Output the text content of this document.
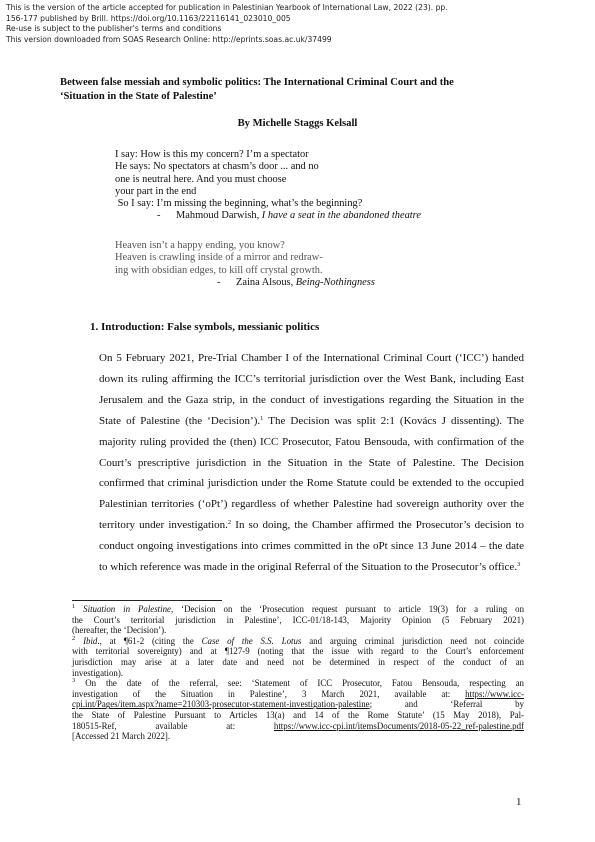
This is the version of the article accepted for publication in Palestinian Yearbook of International Law, 2022 (23). pp.
156-177 published by Brill. https://doi.org/10.1163/22116141_023010_005
Re-use is subject to the publisher's terms and conditions
This version downloaded from SOAS Research Online: http://eprints.soas.ac.uk/37499
Between false messiah and symbolic politics: The International Criminal Court and the
‘Situation in the State of Palestine’
By Michelle Staggs Kelsall
I say: How is this my concern? I’m a spectator
He says: No spectators at chasm’s door ... and no
one is neutral here. And you must choose
your part in the end
So I say: I’m missing the beginning, what’s the beginning?
-      Mahmoud Darwish, I have a seat in the abandoned theatre
Heaven isn’t a happy ending, you know?
Heaven is crawling inside of a mirror and redraw-
ing with obsidian edges, to kill off crystal growth.
-      Zaina Alsous, Being-Nothingness
1. Introduction: False symbols, messianic politics
On 5 February 2021, Pre-Trial Chamber I of the International Criminal Court (‘ICC’) handed
down its ruling affirming the ICC’s territorial jurisdiction over the West Bank, including East
Jerusalem and the Gaza strip, in the conduct of investigations regarding the Situation in the
State of Palestine (the ‘Decision’).$^1$ The Decision was split 2:1 (Kovács J dissenting). The
majority ruling provided the (then) ICC Prosecutor, Fatou Bensouda, with confirmation of the
Court’s prescriptive jurisdiction in the Situation in the State of Palestine. The Decision
confirmed that criminal jurisdiction under the Rome Statute could be extended to the occupied
Palestinian territories (‘oPt’) regardless of whether Palestine had sovereign authority over the
territory under investigation.$^2$ In so doing, the Chamber affirmed the Prosecutor’s decision to
conduct ongoing investigations into crimes committed in the oPt since 13 June 2014 – the date
to which reference was made in the original Referral of the Situation to the Prosecutor’s office.$^3$
$^1$ Situation in Palestine, ‘Decision on the ‘Prosecution request pursuant to article 19(3) for a ruling on
the Court’s territorial jurisdiction in Palestine’, ICC-01/18-143, Majority Opinion (5 February 2021)
(hereafter, the ‘Decision’).
$^2$ Ibid., at ¶61-2 (citing the Case of the S.S. Lotus and arguing criminal jurisdiction need not coincide
with territorial sovereignty) and at ¶127-9 (noting that the issue with regard to the Court’s enforcement
jurisdiction may arise at a later date and need not be determined in respect of the conduct of an
investigation).
$^3$ On the date of the referral, see: ‘Statement of ICC Prosecutor, Fatou Bensouda, respecting an
investigation of the Situation in Palestine’, 3 March 2021, available at: https://www.icc-
cpi.int/Pages/item.aspx?name=210303-prosecutor-statement-investigation-palestine; and ‘Referral by
the State of Palestine Pursuant to Articles 13(a) and 14 of the Rome Statute’ (15 May 2018), Pal-
180515-Ref, available at: https://www.icc-cpi.int/itemsDocuments/2018-05-22_ref-palestine.pdf
[Accessed 21 March 2022].
1
